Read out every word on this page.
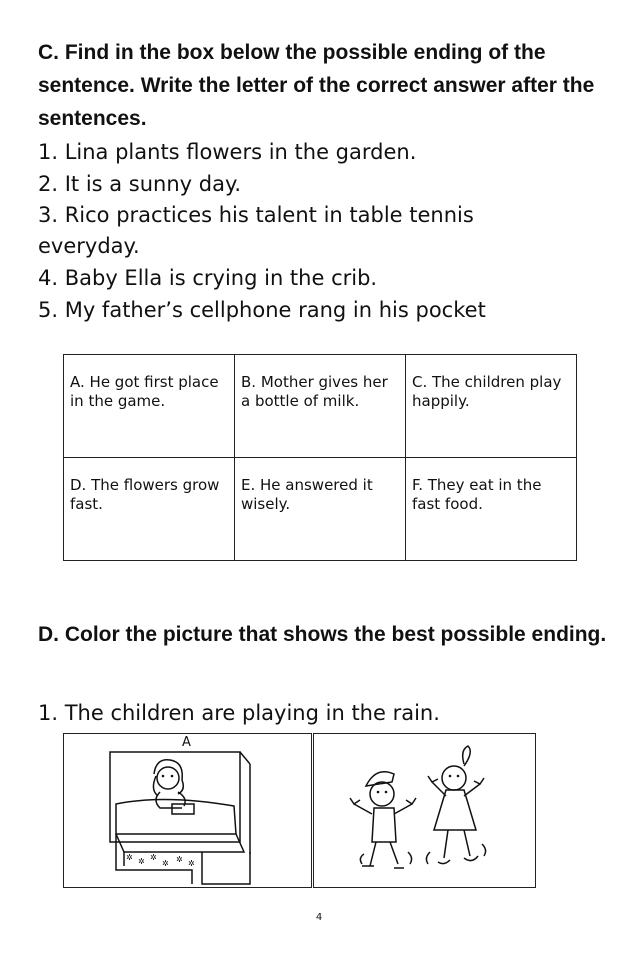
C. Find in the box below the possible ending of the sentence. Write the letter of the correct answer after the sentences.

1. Lina plants flowers in the garden.

2. It is a sunny day.

3. Rico practices his talent in table tennis

everyday.

4. Baby Ella is crying in the crib.

5. My father’s cellphone rang in his pocket

A. He got first place in the game.	B. Mother gives her a bottle of milk.	C. The children play happily.
D. The flowers grow fast.	E. He answered it wisely.	F. They eat in the fast food.

D. Color the picture that shows the best possible ending.

1. The children are playing in the rain.

A
✲ ✲ ✲
✲ ✲ ✲
4
